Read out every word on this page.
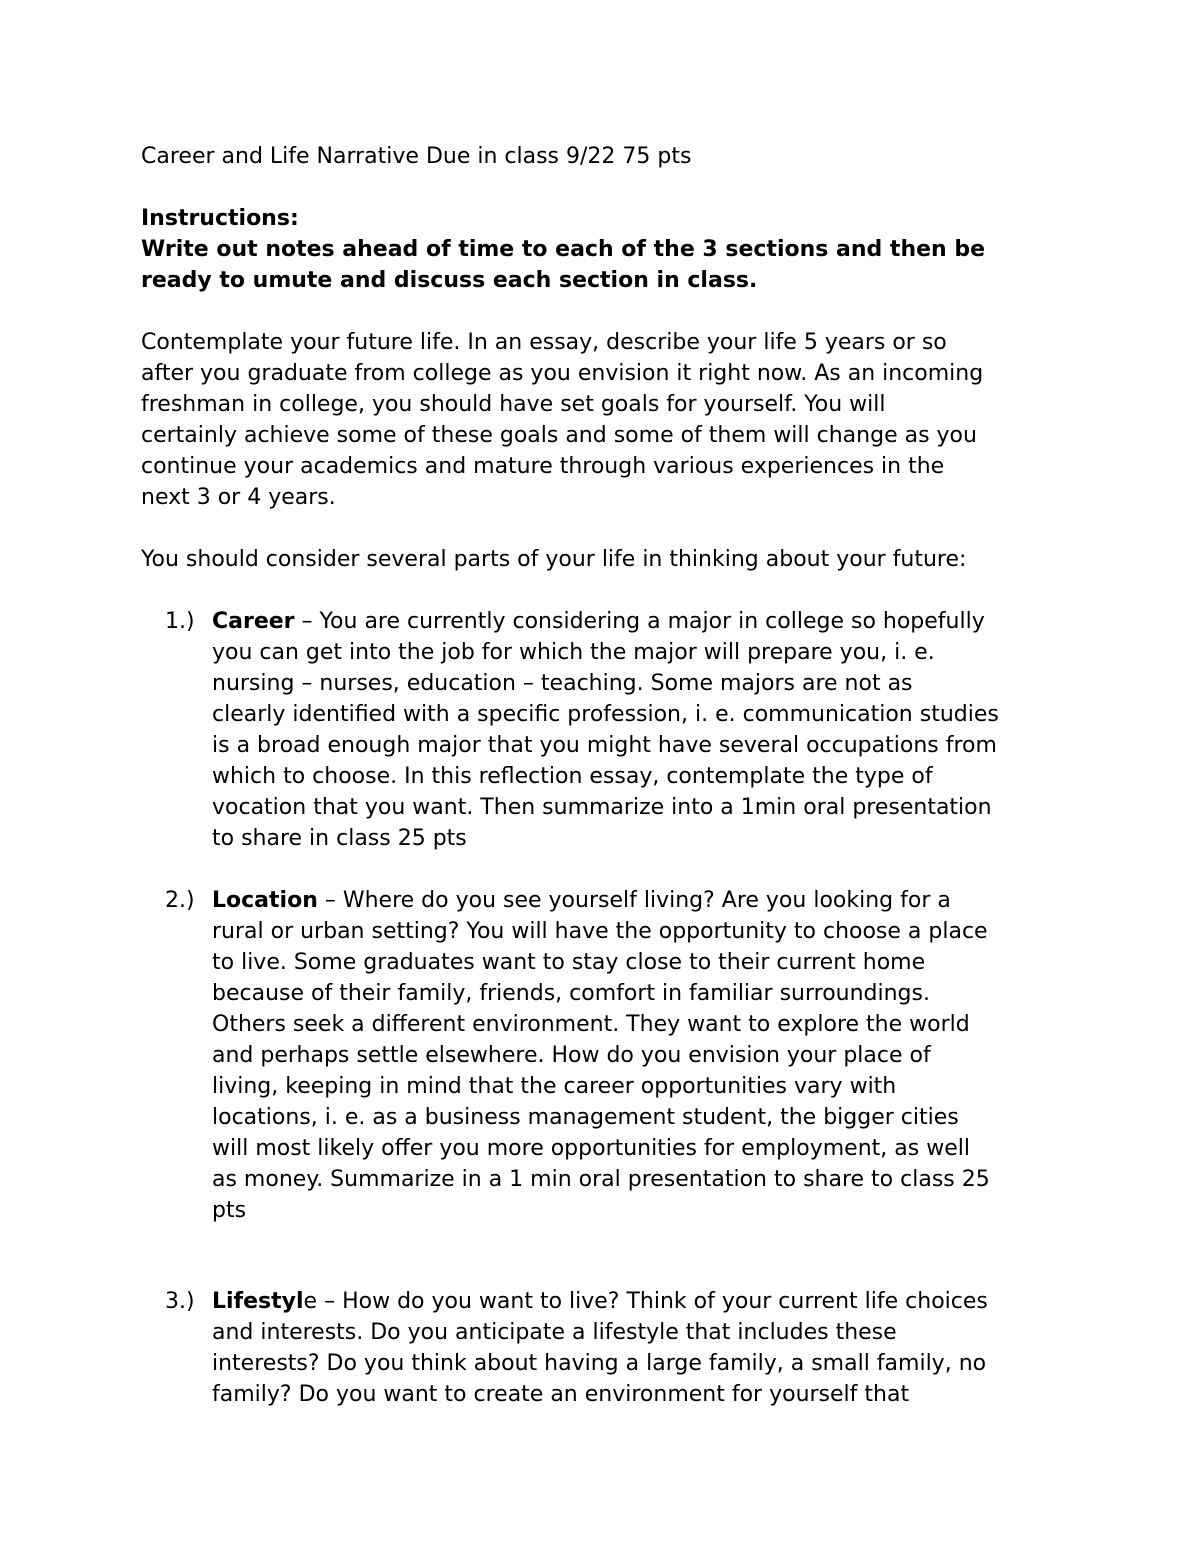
Career and Life Narrative Due in class 9/22 75 pts
Instructions:
Write out notes ahead of time to each of the 3 sections and then be
ready to umute and discuss each section in class.
Contemplate your future life. In an essay, describe your life 5 years or so
after you graduate from college as you envision it right now. As an incoming
freshman in college, you should have set goals for yourself. You will
certainly achieve some of these goals and some of them will change as you
continue your academics and mature through various experiences in the
next 3 or 4 years.
You should consider several parts of your life in thinking about your future:
1.) Career – You are currently considering a major in college so hopefully
you can get into the job for which the major will prepare you, i. e.
nursing – nurses, education – teaching. Some majors are not as
clearly identified with a specific profession, i. e. communication studies
is a broad enough major that you might have several occupations from
which to choose. In this reflection essay, contemplate the type of
vocation that you want. Then summarize into a 1min oral presentation
to share in class 25 pts
2.) Location – Where do you see yourself living? Are you looking for a
rural or urban setting? You will have the opportunity to choose a place
to live. Some graduates want to stay close to their current home
because of their family, friends, comfort in familiar surroundings.
Others seek a different environment. They want to explore the world
and perhaps settle elsewhere. How do you envision your place of
living, keeping in mind that the career opportunities vary with
locations, i. e. as a business management student, the bigger cities
will most likely offer you more opportunities for employment, as well
as money. Summarize in a 1 min oral presentation to share to class 25
pts
3.) Lifestyle – How do you want to live? Think of your current life choices
and interests. Do you anticipate a lifestyle that includes these
interests? Do you think about having a large family, a small family, no
family? Do you want to create an environment for yourself that
